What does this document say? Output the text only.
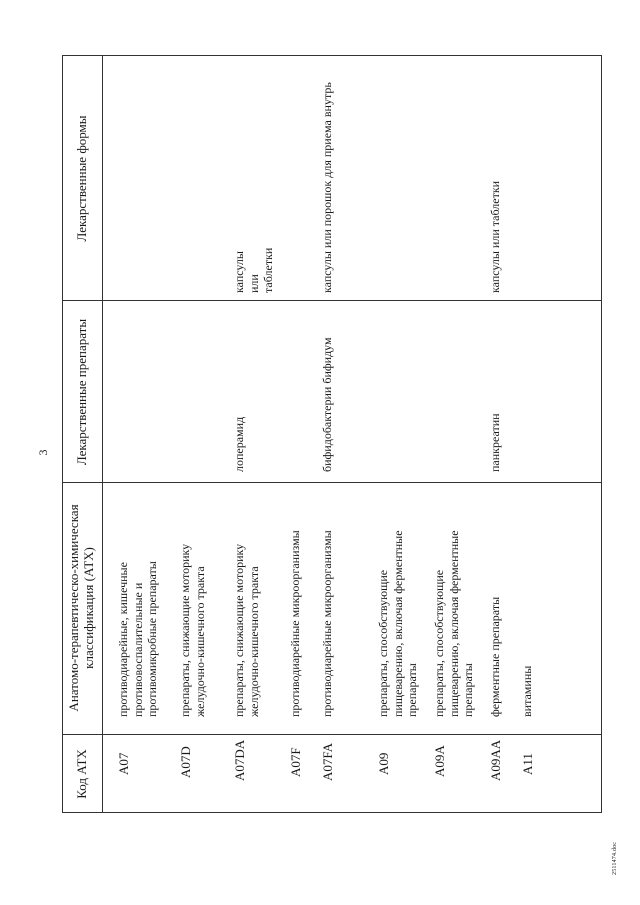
3
Код АТХ
Анатомо-терапевтическо-химическая классификация (АТХ)
Лекарственные препараты
Лекарственные формы
A07
противодиарейные, кишечные противовоспалительные и противомикробные препараты
A07D
препараты, снижающие моторику желудочно-кишечного тракта
A07DA
препараты, снижающие моторику желудочно-кишечного тракта
лоперамид
капсулы или таблетки
A07F
противодиарейные микроорганизмы
A07FA
противодиарейные микроорганизмы
бифидобактерии бифидум
капсулы или порошок для приема внутрь
A09
препараты, способствующие пищеварению, включая ферментные препараты
A09A
препараты, способствующие пищеварению, включая ферментные препараты
A09AA
ферментные препараты
панкреатин
капсулы или таблетки
A11
витамины
2511474.doc
